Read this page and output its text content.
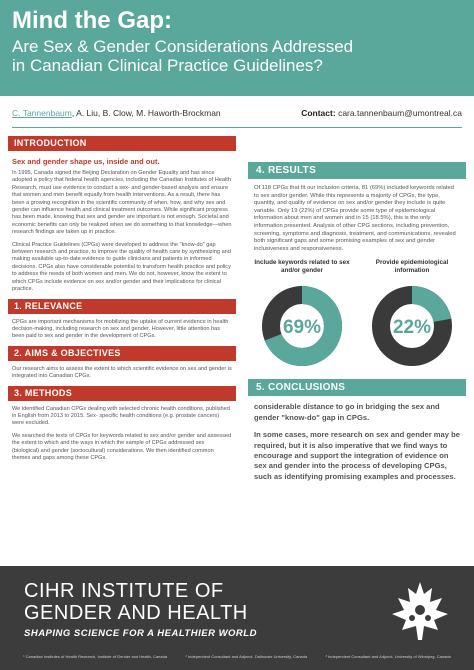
Mind the Gap:
Are Sex & Gender Considerations Addressed
in Canadian Clinical Practice Guidelines?
C. Tannenbaum, A. Liu, B. Clow, M. Haworth-Brockman	Contact: cara.tannenbaum@umontreal.ca
INTRODUCTION
Sex and gender shape us, inside and out.

In 1995, Canada signed the Beijing Declaration on Gender Equality and has since adopted a policy that federal health agencies, including the Canadian Institutes of Health Research, must use evidence to conduct a sex- and gender-based analysis and ensure that women and men benefit equally from health interventions. As a result, there has been a growing recognition in the scientific community of when, how, and why sex and gender can influence health and clinical treatment outcomes. While significant progress has been made, knowing that sex and gender are important is not enough. Societal and economic benefits can only be realized when we do something to that knowledge—when research findings are taken up in practice.

Clinical Practice Guidelines (CPGs) were developed to address the "know-do" gap between research and practice, to improve the quality of health care by synthesizing and making available up-to-date evidence to guide clinicians and patients in informed decisions. CPGs also have considerable potential to transform health practice and policy to address the needs of both women and men. We do not, however, know the extent to which CPGs include evidence on sex and/or gender and their implications for clinical practice.

1. RELEVANCE

CPGs are important mechanisms for mobilizing the uptake of current evidence in health decision-making, including research on sex and gender. However, little attention has been paid to sex and gender in the development of CPGs.

2. AIMS & OBJECTIVES

Our research aims to assess the extent to which scientific evidence on sex and gender is integrated into Canadian CPGs.

3. METHODS

We identified Canadian CPGs dealing with selected chronic health conditions, published in English from 2013 to 2015. Sex- specific health conditions (e.g. prostate cancers) were excluded.

We searched the texts of CPGs for keywords related to sex and/or gender and assessed the extent to which and the ways in which the sample of CPGs addressed sex (biological) and gender (sociocultural) considerations. We then identified common themes and gaps among these CPGs.

4. RESULTS
Of 118 CPGs that fit our inclusion criteria, 81 (69%) included keywords related to sex and/or gender. While this represents a majority of CPGs, the type, quantity, and quality of evidence on sex and/or gender they include is quite variable. Only 19 (22%) of CPGs provide some type of epidemiological information about men and women and in 15 (18.5%), this is the only information presented. Analysis of other CPG sections, including prevention, screening, symptoms and diagnosis, treatment, and communications, revealed both significant gaps and some promising examples of sex and gender inclusiveness and responsiveness.
Include keywords related to sex and/or gender
69%
Provide epidemiological information
22%
5. CONCLUSIONS

considerable distance to go in bridging the sex and gender "know-do" gap in CPGs.

In some cases, more research on sex and gender may be required, but it is also imperative that we find ways to encourage and support the integration of evidence on sex and gender into the process of developing CPGs, such as identifying promising examples and processes.

CIHR INSTITUTE OF
GENDER AND HEALTH
SHAPING SCIENCE FOR A HEALTHIER WORLD
¹ Canadian Institutes of Health Research, Institute of Gender and Health, Canada	² Independent Consultant and Adjunct, Dalhousie University, Canada	³ Independent Consultant and Adjunct, University of Winnipeg, Canada
